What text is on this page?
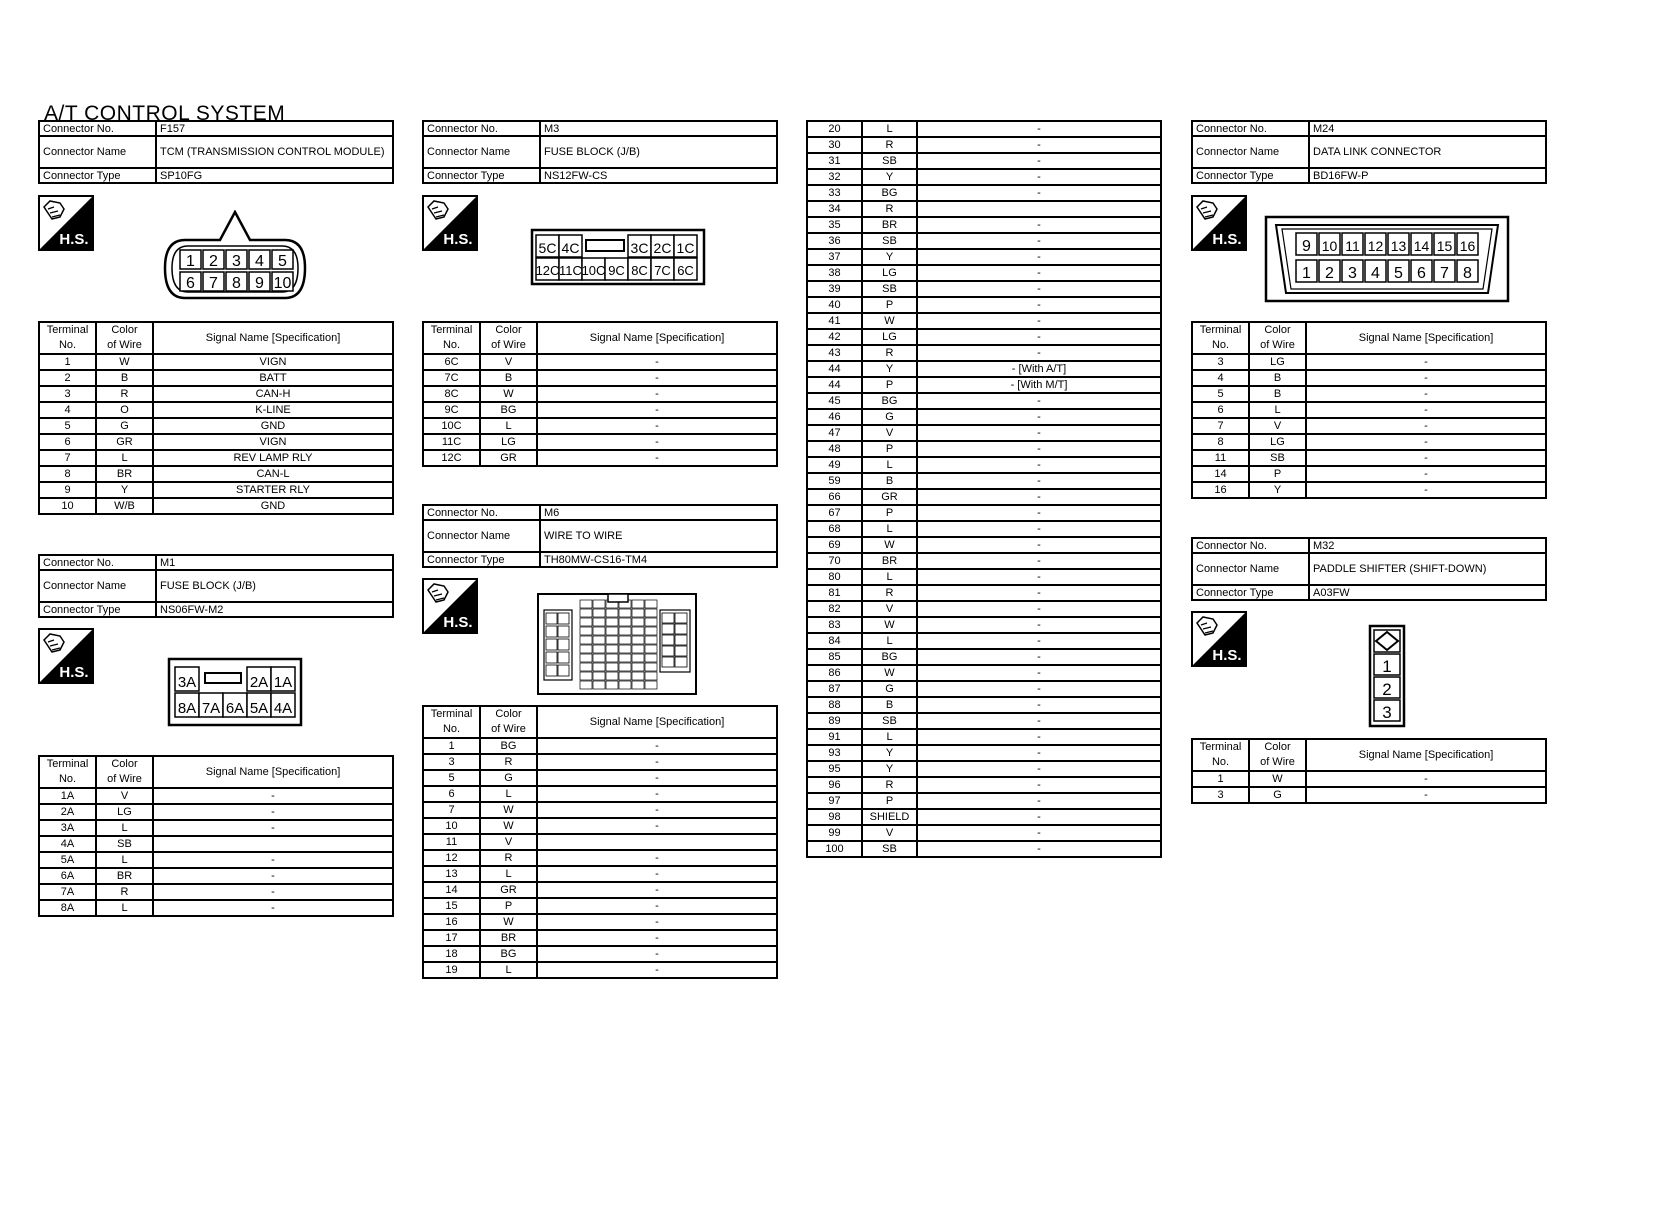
A/T CONTROL SYSTEM
Connector No.	F157
Connector Name	TCM (TRANSMISSION CONTROL MODULE)
Connector Type	SP10FG
H.S.
1 2 3 4 5
6 7 8 9 10
Connector No.	M1
Connector Name	FUSE BLOCK (J/B)
Connector Type	NS06FW-M2
H.S.
3A	2A 1A
8A 7A 6A 5A 4A
Connector No.	M3
Connector Name	FUSE BLOCK (J/B)
Connector Type	NS12FW-CS
H.S.	5C 4C	3C 2C 1C
12C 11C 10C 9C 8C 7C 6C
Connector No.	M6
Connector Name	WIRE TO WIRE
Connector Type	TH80MW-CS16-TM4
H.S.
Terminal
No.	Color
of Wire	Signal Name [Specification]
1	BG	-
3	R	-
5	G	-
6	L	-
7	W	-
10	W	-
11	V	
12	R	-
13	L	-
14	GR	-
15	P	-
16	W	-
17	BR	-
18	BG	-
19	L	-

20	L	-
30	R	-
31	SB	-
32	Y	-
33	BG	-
34	R	
35	BR	-
36	SB	-
37	Y	-
38	LG	-
39	SB	-
40	P	-
41	W	-
42	LG	-
43	R	-
44	Y	- [With A/T]
44	P	- [With M/T]
45	BG	-
46	G	-
47	V	-
48	P	-
49	L	-
59	B	-
66	GR	-
67	P	-
68	L	-
69	W	-
70	BR	-
80	L	-
81	R	-
82	V	-
83	W	-
84	L	-
85	BG	-
86	W	-
87	G	-
88	B	-
89	SB	-
91	L	-
93	Y	-
95	Y	-
96	R	-
97	P	-
98	SHIELD	-
99	V	-
100	SB	-
Connector No.	M24
Connector Name	DATA LINK CONNECTOR
Connector Type	BD16FW-P
H.S.	9 10 11 12 13 14 15 16
1 2 3 4 5 6 7 8
Connector No.	M32
Connector Name	PADDLE SHIFTER (SHIFT-DOWN)
Connector Type	A03FW
H.S.
1
2
3
Terminal
No.	Color
of Wire	Signal Name [Specification]
1	W	VIGN
2	B	BATT
3	R	CAN-H
4	O	K-LINE
5	G	GND
6	GR	VIGN
7	L	REV LAMP RLY
8	BR	CAN-L
9	Y	STARTER RLY
10	W/B	GND
Terminal
No.	Color
of Wire	Signal Name [Specification]
1A	V	-
2A	LG	-
3A	L	-
4A	SB	
5A	L	-
6A	BR	-
7A	R	-
8A	L	-
Terminal
No.	Color
of Wire	Signal Name [Specification]
6C	V	-
7C	B	-
8C	W	-
9C	BG	-
10C	L	-
11C	LG	-
12C	GR	-
Terminal
No.	Color
of Wire	Signal Name [Specification]
3	LG	-
4	B	-
5	B	-
6	L	-
7	V	-
8	LG	-
11	SB	-
14	P	-
16	Y	-
Terminal
No.	Color
of Wire	Signal Name [Specification]
1	W	-
3	G	-
